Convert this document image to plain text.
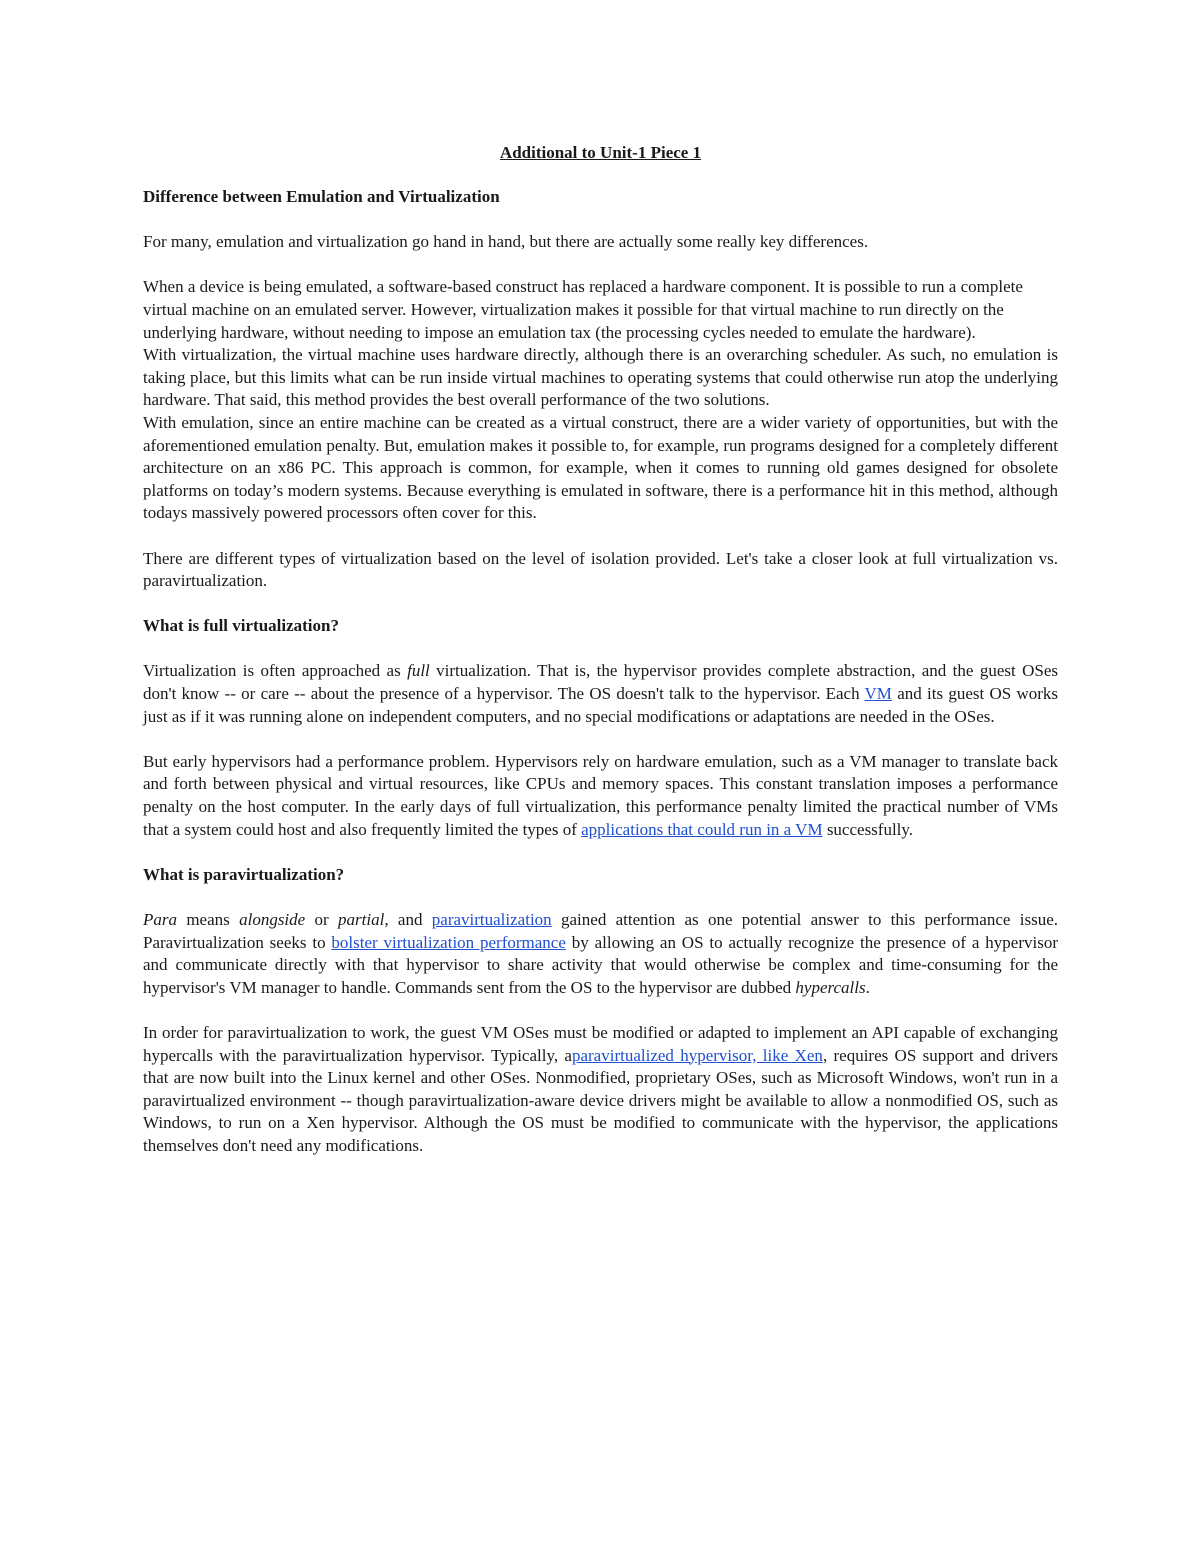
Additional to Unit-1 Piece 1

Difference between Emulation and Virtualization

For many, emulation and virtualization go hand in hand, but there are actually some really key differences.

When a device is being emulated, a software-based construct has replaced a hardware component. It is possible to run a complete virtual machine on an emulated server. However, virtualization makes it possible for that virtual machine to run directly on the underlying hardware, without needing to impose an emulation tax (the processing cycles needed to emulate the hardware).

With virtualization, the virtual machine uses hardware directly, although there is an overarching scheduler. As such, no emulation is taking place, but this limits what can be run inside virtual machines to operating systems that could otherwise run atop the underlying hardware. That said, this method provides the best overall performance of the two solutions.

With emulation, since an entire machine can be created as a virtual construct, there are a wider variety of opportunities, but with the aforementioned emulation penalty. But, emulation makes it possible to, for example, run programs designed for a completely different architecture on an x86 PC. This approach is common, for example, when it comes to running old games designed for obsolete platforms on today’s modern systems. Because everything is emulated in software, there is a performance hit in this method, although todays massively powered processors often cover for this.

There are different types of virtualization based on the level of isolation provided. Let's take a closer look at full virtualization vs. paravirtualization.

What is full virtualization?

Virtualization is often approached as full virtualization. That is, the hypervisor provides complete abstraction, and the guest OSes don't know -- or care -- about the presence of a hypervisor. The OS doesn't talk to the hypervisor. Each VM and its guest OS works just as if it was running alone on independent computers, and no special modifications or adaptations are needed in the OSes.

But early hypervisors had a performance problem. Hypervisors rely on hardware emulation, such as a VM manager to translate back and forth between physical and virtual resources, like CPUs and memory spaces. This constant translation imposes a performance penalty on the host computer. In the early days of full virtualization, this performance penalty limited the practical number of VMs that a system could host and also frequently limited the types of applications that could run in a VM successfully.

What is paravirtualization?

Para means alongside or partial, and paravirtualization gained attention as one potential answer to this performance issue. Paravirtualization seeks to bolster virtualization performance by allowing an OS to actually recognize the presence of a hypervisor and communicate directly with that hypervisor to share activity that would otherwise be complex and time-consuming for the hypervisor's VM manager to handle. Commands sent from the OS to the hypervisor are dubbed hypercalls.

In order for paravirtualization to work, the guest VM OSes must be modified or adapted to implement an API capable of exchanging hypercalls with the paravirtualization hypervisor. Typically, aparavirtualized hypervisor, like Xen, requires OS support and drivers that are now built into the Linux kernel and other OSes. Nonmodified, proprietary OSes, such as Microsoft Windows, won't run in a paravirtualized environment -- though paravirtualization-aware device drivers might be available to allow a nonmodified OS, such as Windows, to run on a Xen hypervisor. Although the OS must be modified to communicate with the hypervisor, the applications themselves don't need any modifications.
